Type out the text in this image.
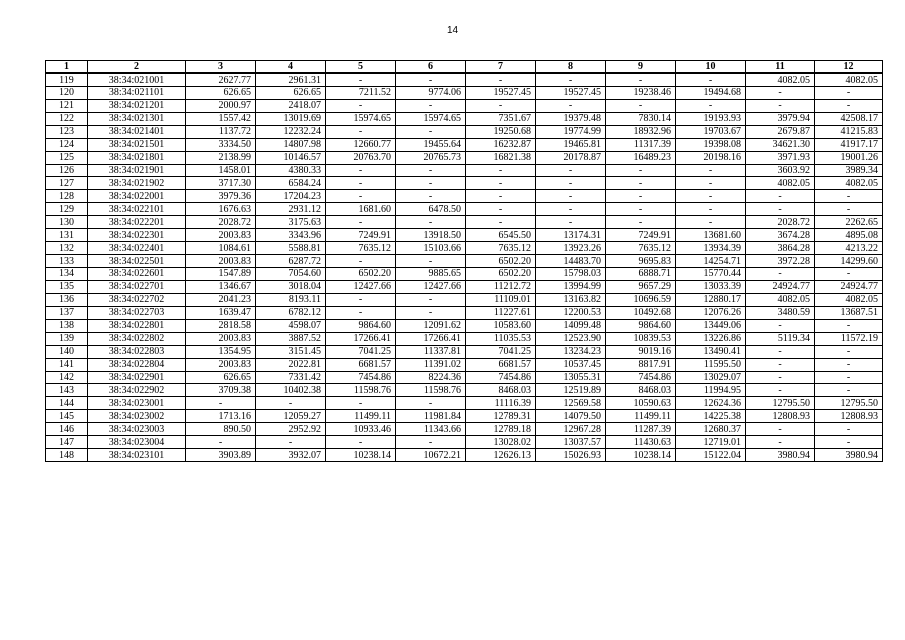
14
1	2	3	4	5	6	7	8	9	10	11	12
119	38:34:021001	2627.77	2961.31	-	-	-	-	-	-	4082.05	4082.05
120	38:34:021101	626.65	626.65	7211.52	9774.06	19527.45	19527.45	19238.46	19494.68	-	-
121	38:34:021201	2000.97	2418.07	-	-	-	-	-	-	-	-
122	38:34:021301	1557.42	13019.69	15974.65	15974.65	7351.67	19379.48	7830.14	19193.93	3979.94	42508.17
123	38:34:021401	1137.72	12232.24	-	-	19250.68	19774.99	18932.96	19703.67	2679.87	41215.83
124	38:34:021501	3334.50	14807.98	12660.77	19455.64	16232.87	19465.81	11317.39	19398.08	34621.30	41917.17
125	38:34:021801	2138.99	10146.57	20763.70	20765.73	16821.38	20178.87	16489.23	20198.16	3971.93	19001.26
126	38:34:021901	1458.01	4380.33	-	-	-	-	-	-	3603.92	3989.34
127	38:34:021902	3717.30	6584.24	-	-	-	-	-	-	4082.05	4082.05
128	38:34:022001	3979.36	17204.23	-	-	-	-	-	-	-	-
129	38:34:022101	1676.63	2931.12	1681.60	6478.50	-	-	-	-	-	-
130	38:34:022201	2028.72	3175.63	-	-	-	-	-	-	2028.72	2262.65
131	38:34:022301	2003.83	3343.96	7249.91	13918.50	6545.50	13174.31	7249.91	13681.60	3674.28	4895.08
132	38:34:022401	1084.61	5588.81	7635.12	15103.66	7635.12	13923.26	7635.12	13934.39	3864.28	4213.22
133	38:34:022501	2003.83	6287.72	-	-	6502.20	14483.70	9695.83	14254.71	3972.28	14299.60
134	38:34:022601	1547.89	7054.60	6502.20	9885.65	6502.20	15798.03	6888.71	15770.44	-	-
135	38:34:022701	1346.67	3018.04	12427.66	12427.66	11212.72	13994.99	9657.29	13033.39	24924.77	24924.77
136	38:34:022702	2041.23	8193.11	-	-	11109.01	13163.82	10696.59	12880.17	4082.05	4082.05
137	38:34:022703	1639.47	6782.12	-	-	11227.61	12200.53	10492.68	12076.26	3480.59	13687.51
138	38:34:022801	2818.58	4598.07	9864.60	12091.62	10583.60	14099.48	9864.60	13449.06	-	-
139	38:34:022802	2003.83	3887.52	17266.41	17266.41	11035.53	12523.90	10839.53	13226.86	5119.34	11572.19
140	38:34:022803	1354.95	3151.45	7041.25	11337.81	7041.25	13234.23	9019.16	13490.41	-	-
141	38:34:022804	2003.83	2022.81	6681.57	11391.02	6681.57	10537.45	8817.91	11595.50	-	-
142	38:34:022901	626.65	7331.42	7454.86	8224.36	7454.86	13055.31	7454.86	13029.07	-	-
143	38:34:022902	3709.38	10402.38	11598.76	11598.76	8468.03	12519.89	8468.03	11994.95	-	-
144	38:34:023001	-	-	-	-	11116.39	12569.58	10590.63	12624.36	12795.50	12795.50
145	38:34:023002	1713.16	12059.27	11499.11	11981.84	12789.31	14079.50	11499.11	14225.38	12808.93	12808.93
146	38:34:023003	890.50	2952.92	10933.46	11343.66	12789.18	12967.28	11287.39	12680.37	-	-
147	38:34:023004	-	-	-	-	13028.02	13037.57	11430.63	12719.01	-	-
148	38:34:023101	3903.89	3932.07	10238.14	10672.21	12626.13	15026.93	10238.14	15122.04	3980.94	3980.94
